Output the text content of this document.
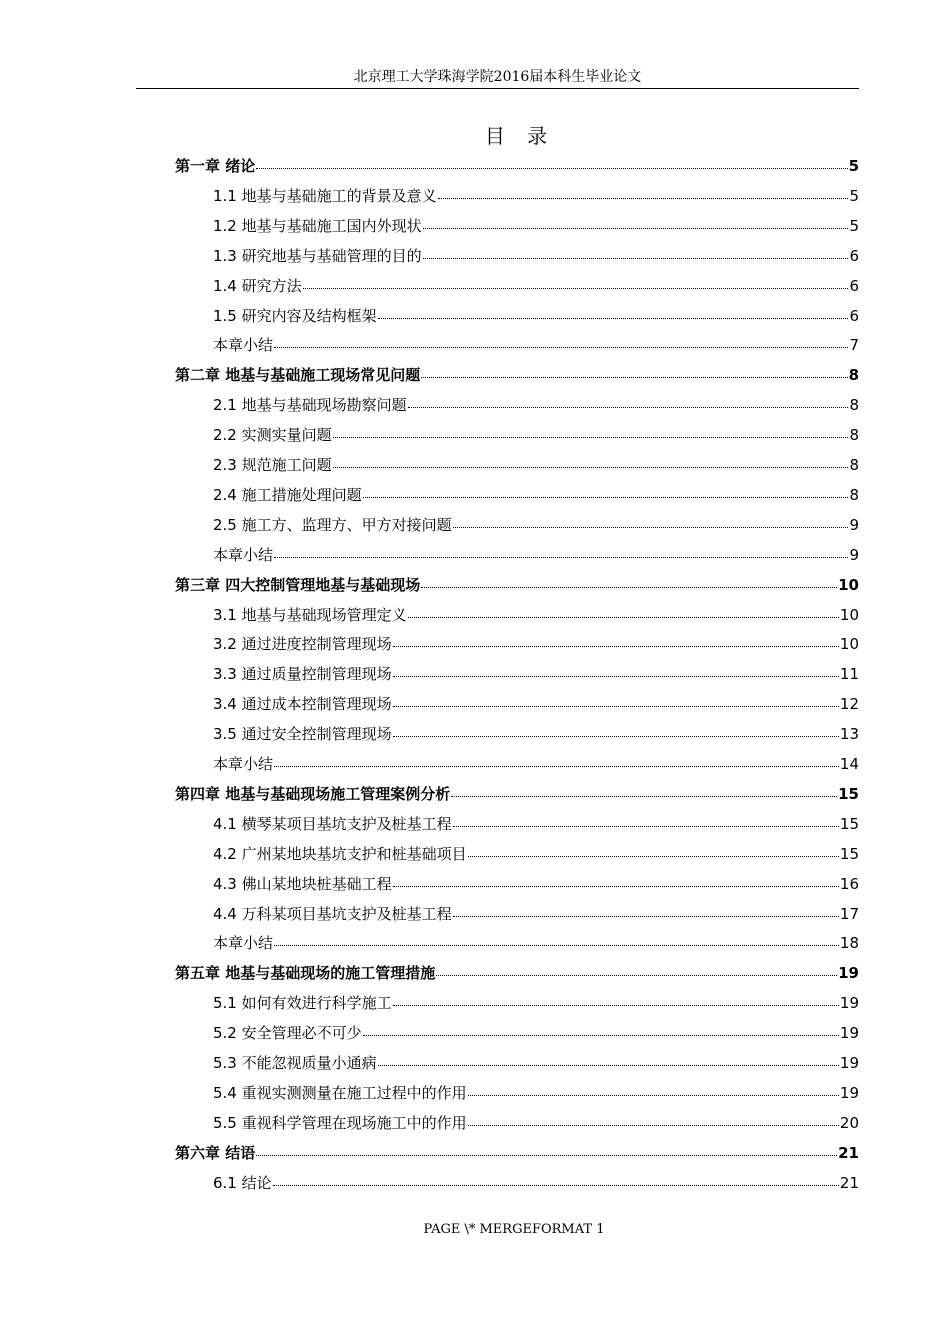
北京理工大学珠海学院2016届本科生毕业论文
目 录
第一章 绪论	5
1.1 地基与基础施工的背景及意义	5
1.2 地基与基础施工国内外现状	5
1.3 研究地基与基础管理的目的	6
1.4 研究方法	6
1.5 研究内容及结构框架	6
本章小结	7
第二章 地基与基础施工现场常见问题	8
2.1 地基与基础现场勘察问题	8
2.2 实测实量问题	8
2.3 规范施工问题	8
2.4 施工措施处理问题	8
2.5 施工方、监理方、甲方对接问题	9
本章小结	9
第三章 四大控制管理地基与基础现场	10
3.1 地基与基础现场管理定义	10
3.2 通过进度控制管理现场	10
3.3 通过质量控制管理现场	11
3.4 通过成本控制管理现场	12
3.5 通过安全控制管理现场	13
本章小结	14
第四章 地基与基础现场施工管理案例分析	15
4.1 横琴某项目基坑支护及桩基工程	15
4.2 广州某地块基坑支护和桩基础项目	15
4.3 佛山某地块桩基础工程	16
4.4 万科某项目基坑支护及桩基工程	17
本章小结	18
第五章 地基与基础现场的施工管理措施	19
5.1 如何有效进行科学施工	19
5.2 安全管理必不可少	19
5.3 不能忽视质量小通病	19
5.4 重视实测测量在施工过程中的作用	19
5.5 重视科学管理在现场施工中的作用	20
第六章 结语	21
6.1 结论	21
PAGE \* MERGEFORMAT 1
